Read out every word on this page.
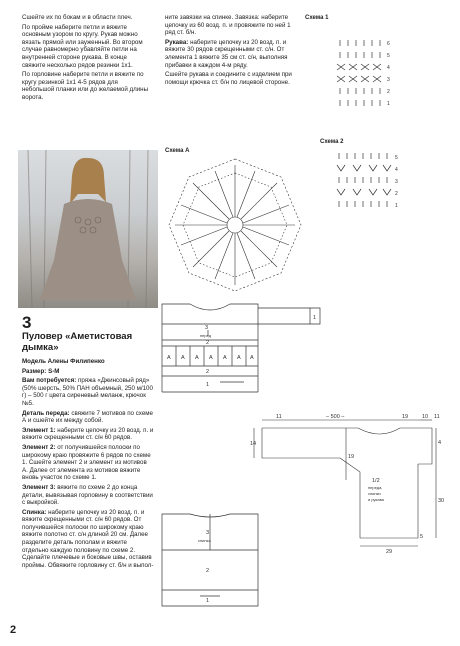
Сшейте их по бокам и в области плеч.

По пройме наберите петли и вяжите основным узором по кругу. Рукав можно вязать прямой или зауженный. Во втором случае равномерно убавляйте петли на внутренней стороне рукава. В конце свяжите несколько рядов резинки 1х1.

По горловине наберите петли и вяжите по кругу резинкой 1х1 4-5 рядов для небольшой планки или до желаемой длины ворота.

ните завязки на спинке. Завязка: наберите цепочку из 60 возд. п. и провяжите по ней 1 ряд ст. б/н.

Рукава: наберите цепочку из 20 возд. п. и вяжите 30 рядов скрещенными ст. с/н. От элемента 1 вяжите 35 см ст. с/н, выполняя прибавки в каждом 4-м ряду.

Сшейте рукава и соедините с изделием при помощи крючка ст. б/н по лицевой стороне.

Схема 1
Схема 2
Схема А
6
5
4
3
2
1
5
4
3
2
1
3
Пуловер «Аметистовая дымка»

Модель Алены Филипенко

Размер: S-M

Вам потребуется: пряжа «Джинсовый ряд» (50% шерсть, 50% ПАН объемный, 250 м/100 г) – 500 г цвета сиреневый меланж, крючок №5.

Деталь переда: свяжите 7 мотивов по схеме А и сшейте их между собой.

Элемент 1: наберите цепочку из 20 возд. п. и вяжите скрещенными ст. с/н 60 рядов.

Элемент 2: от получившейся полоски по широкому краю провяжите 6 рядов по схеме 1. Сшейте элемент 2 и элемент из мотивов А. Далее от элемента из мотивов вяжите вновь участок по схеме 1.

Элемент 3: вяжите по схеме 2 до конца детали, вывязывая горловину в соответствии с выкройкой.

Спинка: наберите цепочку из 20 возд. п. и вяжите скрещенными ст. с/н 60 рядов. От получившейся полоски по широкому краю вяжите полотно ст. с/н длиной 20 см. Далее разделите деталь пополам и вяжите отдельно каждую половину по схеме 2. Сделайте плечевые и боковые швы, оставив проймы. Обвяжите горловину ст. б/н и выпол-

3
перед
2
A A A A A A A
2
1
1
11	– 500 –	19	10 11
14
19
4
30
1/2
переда,
спинки
и рукава
5
29
3
спинка
2
1
2
